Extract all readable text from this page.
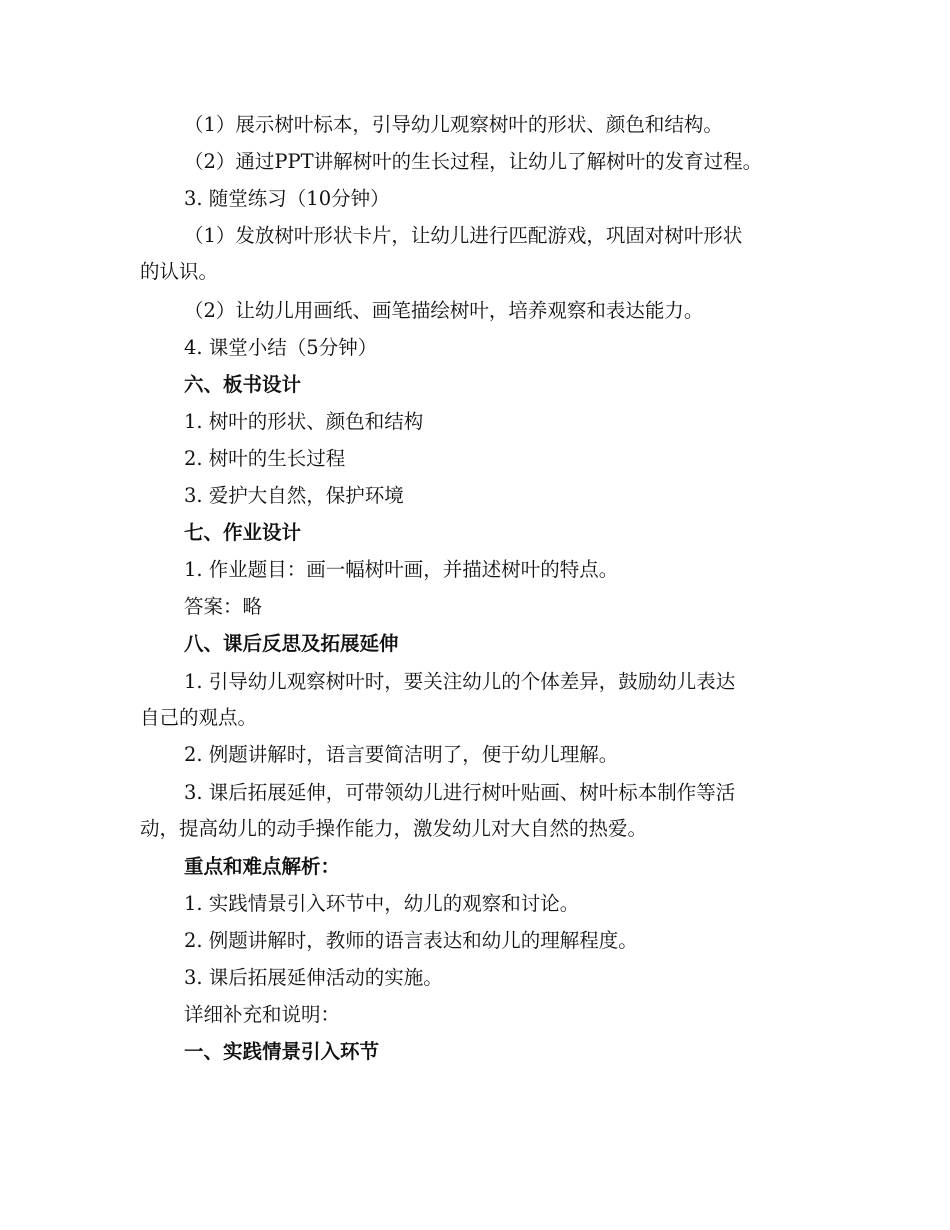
（1）展示树叶标本，引导幼儿观察树叶的形状、颜色和结构。
（2）通过PPT讲解树叶的生长过程，让幼儿了解树叶的发育过程。
3. 随堂练习（10分钟）
（1）发放树叶形状卡片，让幼儿进行匹配游戏，巩固对树叶形状
的认识。
（2）让幼儿用画纸、画笔描绘树叶，培养观察和表达能力。
4. 课堂小结（5分钟）
六、板书设计
1. 树叶的形状、颜色和结构
2. 树叶的生长过程
3. 爱护大自然，保护环境
七、作业设计
1. 作业题目：画一幅树叶画，并描述树叶的特点。
答案：略
八、课后反思及拓展延伸
1. 引导幼儿观察树叶时，要关注幼儿的个体差异，鼓励幼儿表达
自己的观点。
2. 例题讲解时，语言要简洁明了，便于幼儿理解。
3. 课后拓展延伸，可带领幼儿进行树叶贴画、树叶标本制作等活
动，提高幼儿的动手操作能力，激发幼儿对大自然的热爱。
重点和难点解析：
1. 实践情景引入环节中，幼儿的观察和讨论。
2. 例题讲解时，教师的语言表达和幼儿的理解程度。
3. 课后拓展延伸活动的实施。
详细补充和说明：
一、实践情景引入环节
